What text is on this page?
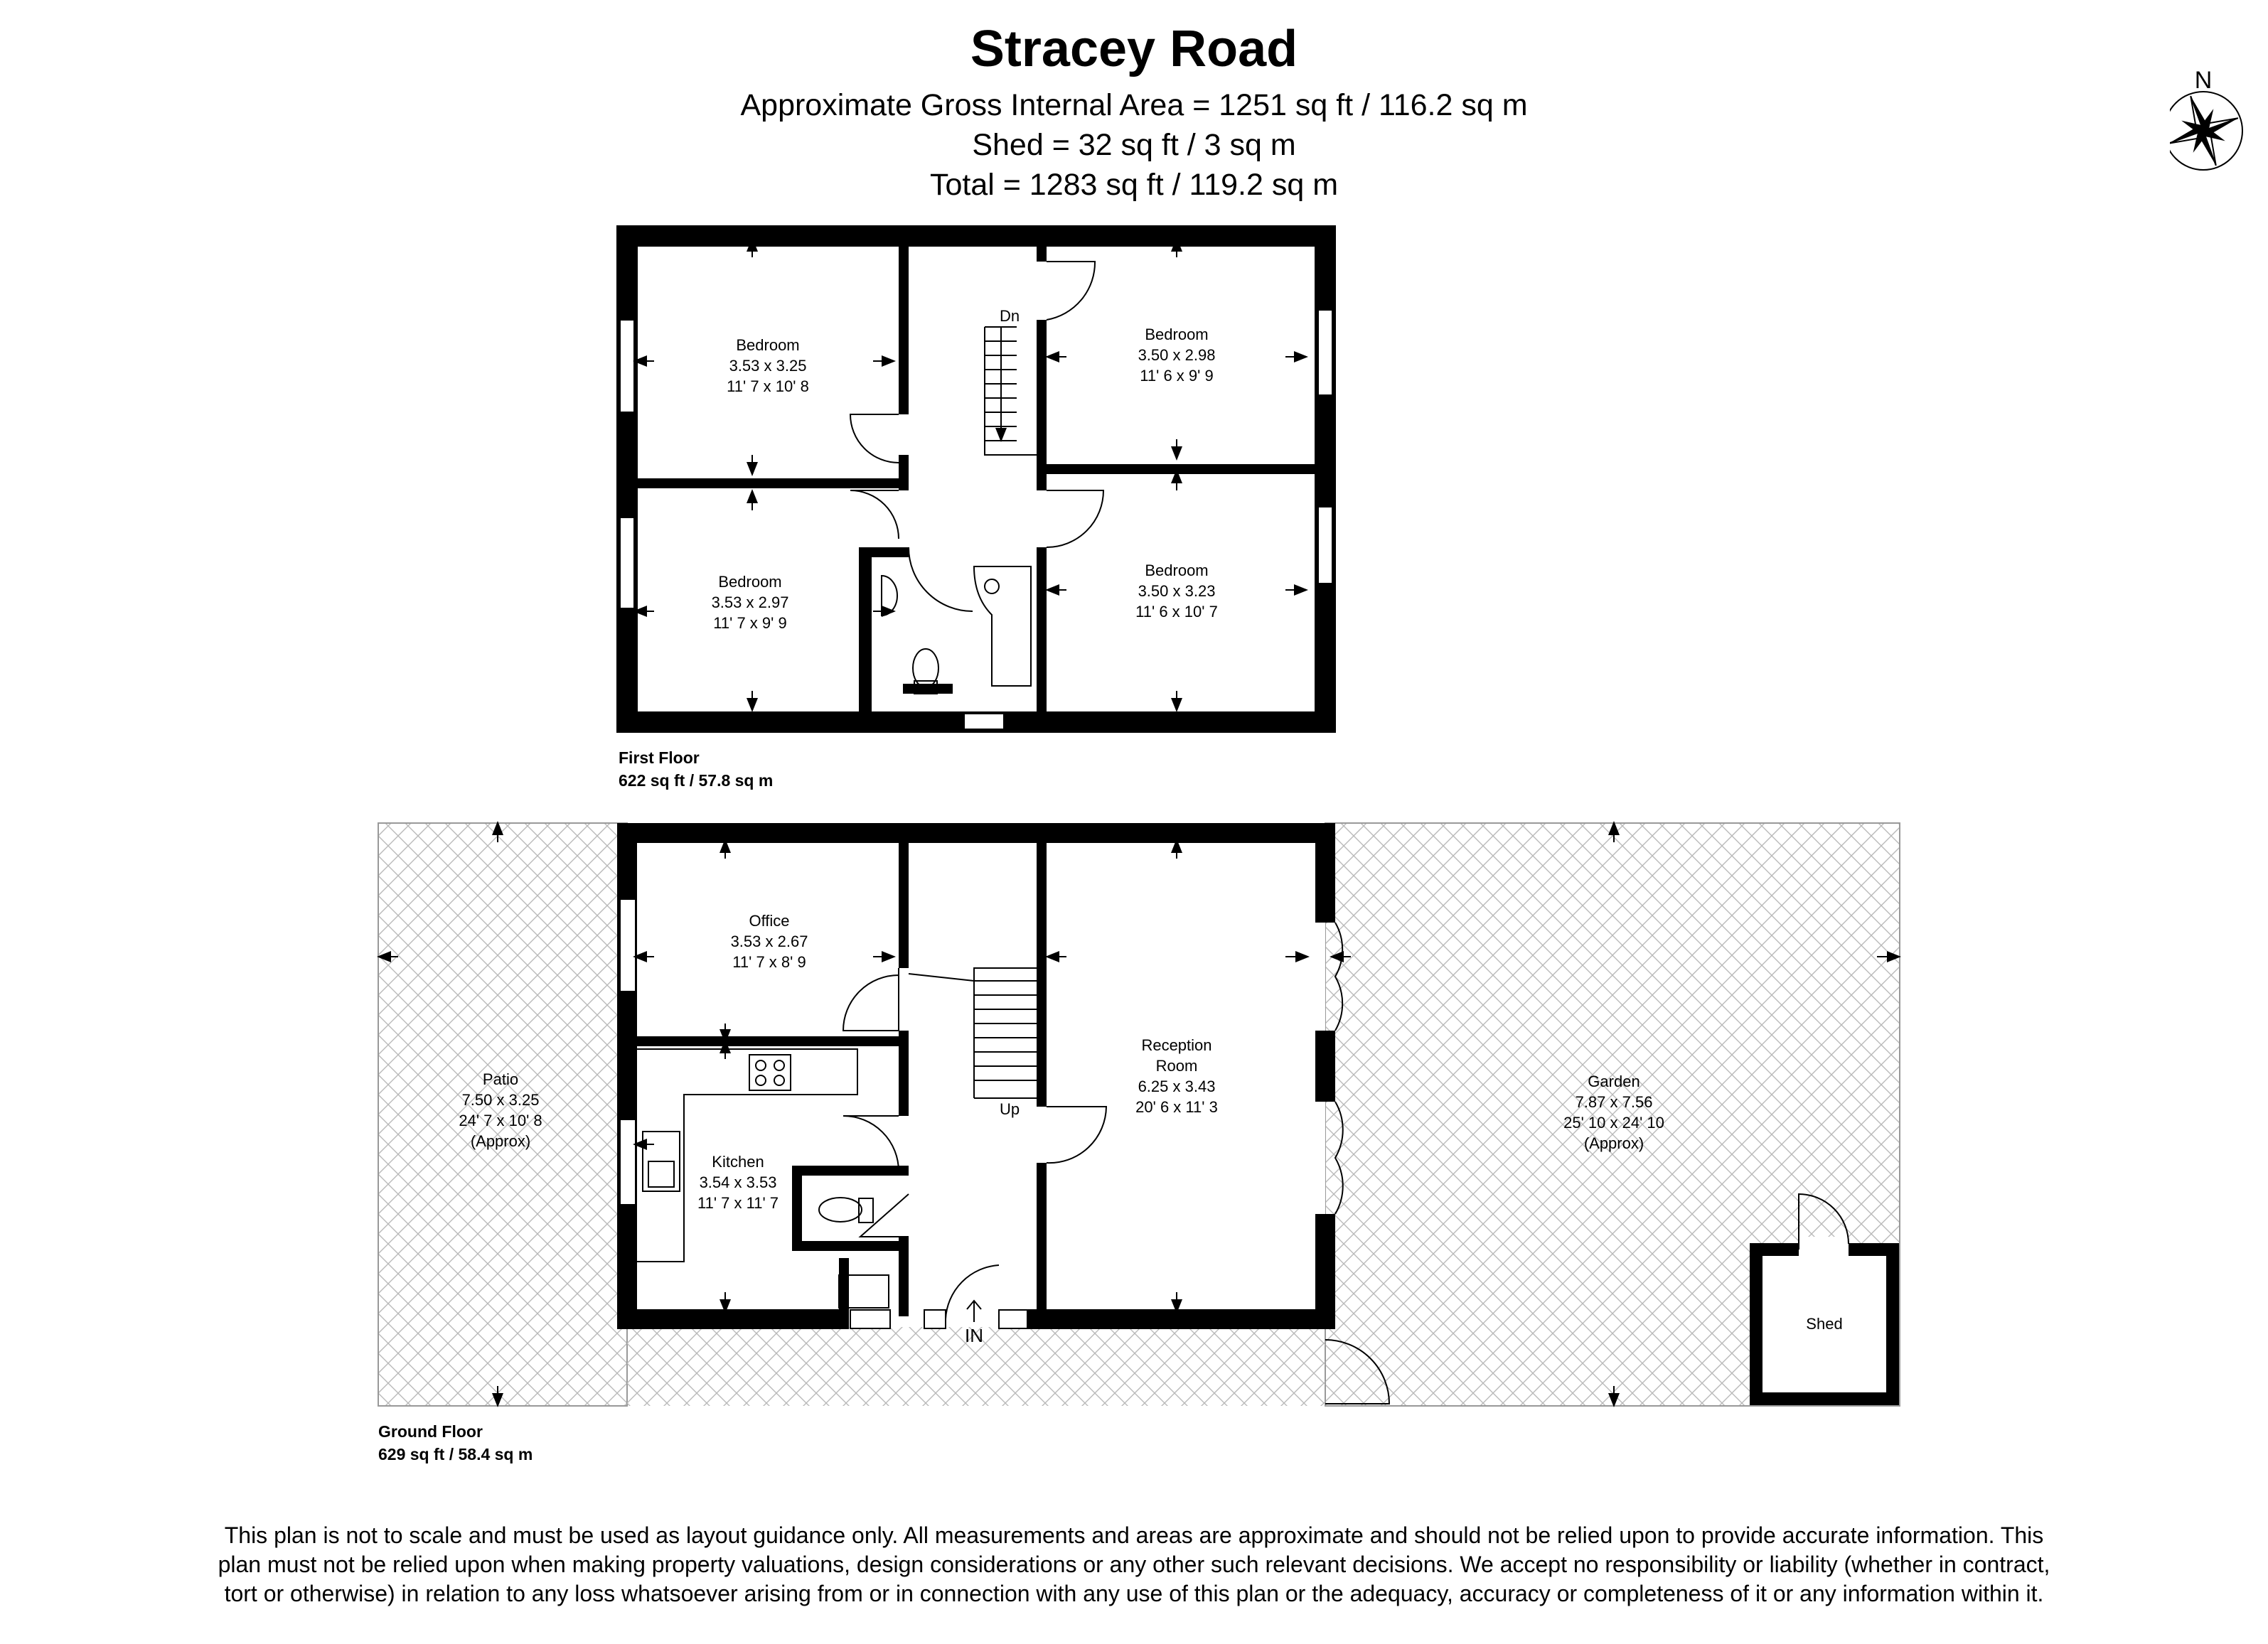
Stracey Road
Approximate Gross Internal Area = 1251 sq ft / 116.2 sq m
Shed = 32 sq ft / 3 sq m
Total = 1283 sq ft / 119.2 sq m
N
Dn
Bedroom
3.53 x 3.25
11' 7 x 10' 8
Bedroom
3.50 x 2.98
11' 6 x 9' 9
Bedroom
3.53 x 2.97
11' 7 x 9' 9
Bedroom
3.50 x 3.23
11' 6 x 10' 7
Up
IN
Office
3.53 x 2.67
11' 7 x 8' 9
Kitchen
3.54 x 3.53
11' 7 x 11' 7
Reception
Room
6.25 x 3.43
20' 6 x 11' 3
Patio
7.50 x 3.25
24' 7 x 10' 8
(Approx)
Garden
7.87 x 7.56
25' 10 x 24' 10
(Approx)
Shed
First Floor
622 sq ft / 57.8 sq m
Ground Floor
629 sq ft / 58.4 sq m
This plan is not to scale and must be used as layout guidance only. All measurements and areas are approximate and should not be relied upon to provide accurate information. This plan must not be relied upon when making property valuations, design considerations or any other such relevant decisions. We accept no responsibility or liability (whether in contract, tort or otherwise) in relation to any loss whatsoever arising from or in connection with any use of this plan or the adequacy, accuracy or completeness of it or any information within it.
